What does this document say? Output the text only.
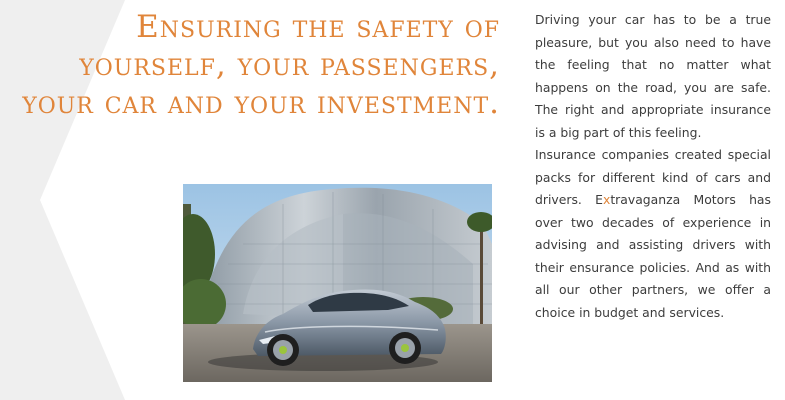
Ensuring the safety of yourself, your passengers, your car and your investment.

Driving your car has to be a true pleasure, but you also need to have the feeling that no matter what happens on the road, you are safe. The right and appropriate insurance is a big part of this feeling.

Insurance companies created special packs for different kind of cars and drivers. Extravaganza Motors has over two decades of experience in advising and assisting drivers with their ensurance policies. And as with all our other partners, we offer a choice in budget and services.
